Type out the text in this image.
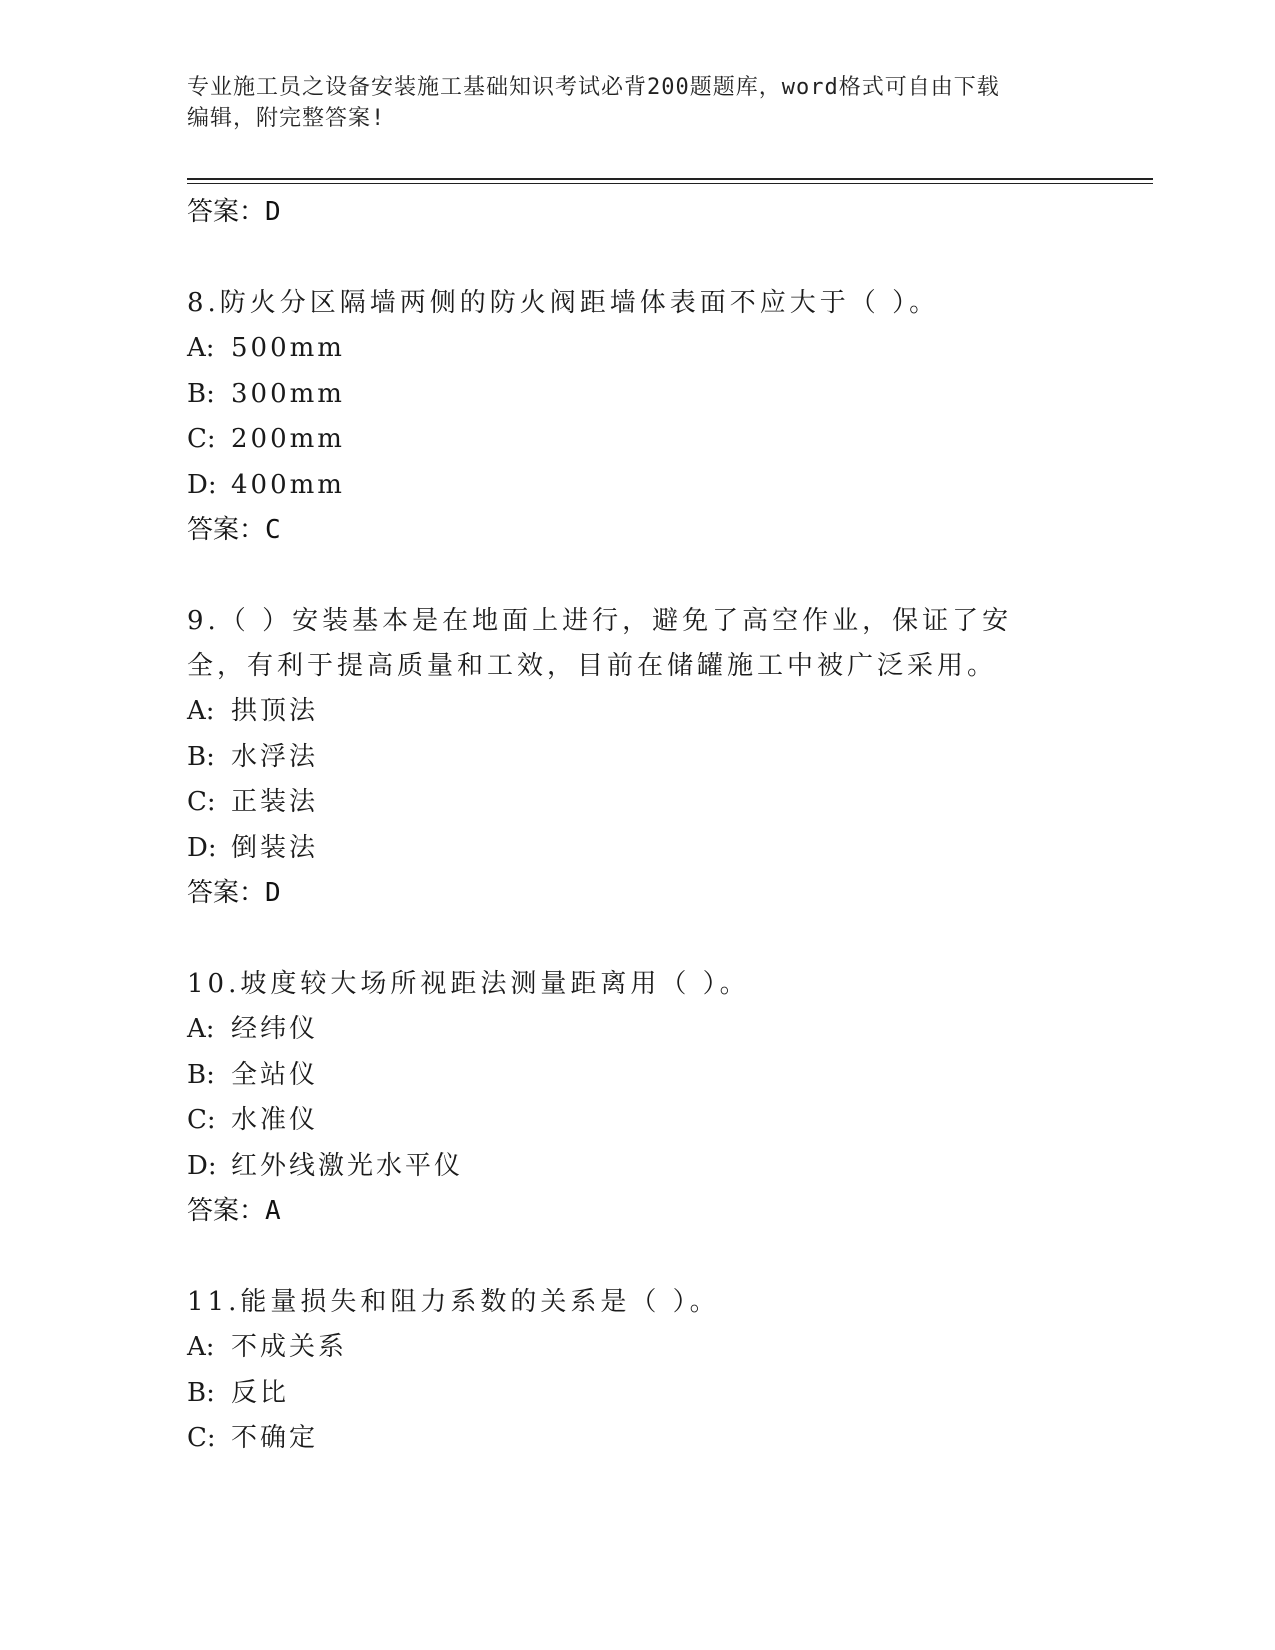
专业施工员之设备安装施工基础知识考试必背200题题库，word格式可自由下载
编辑，附完整答案!
答案：D
8.防火分区隔墙两侧的防火阀距墙体表面不应大于（ ）。
A: 500mm
B: 300mm
C: 200mm
D: 400mm
答案：C
9.（ ）安装基本是在地面上进行，避免了高空作业，保证了安全，有利于提高质量和工效，目前在储罐施工中被广泛采用。
A: 拱顶法
B: 水浮法
C: 正装法
D: 倒装法
答案：D
10.坡度较大场所视距法测量距离用（ ）。
A: 经纬仪
B: 全站仪
C: 水准仪
D: 红外线激光水平仪
答案：A
11.能量损失和阻力系数的关系是（ ）。
A: 不成关系
B: 反比
C: 不确定
